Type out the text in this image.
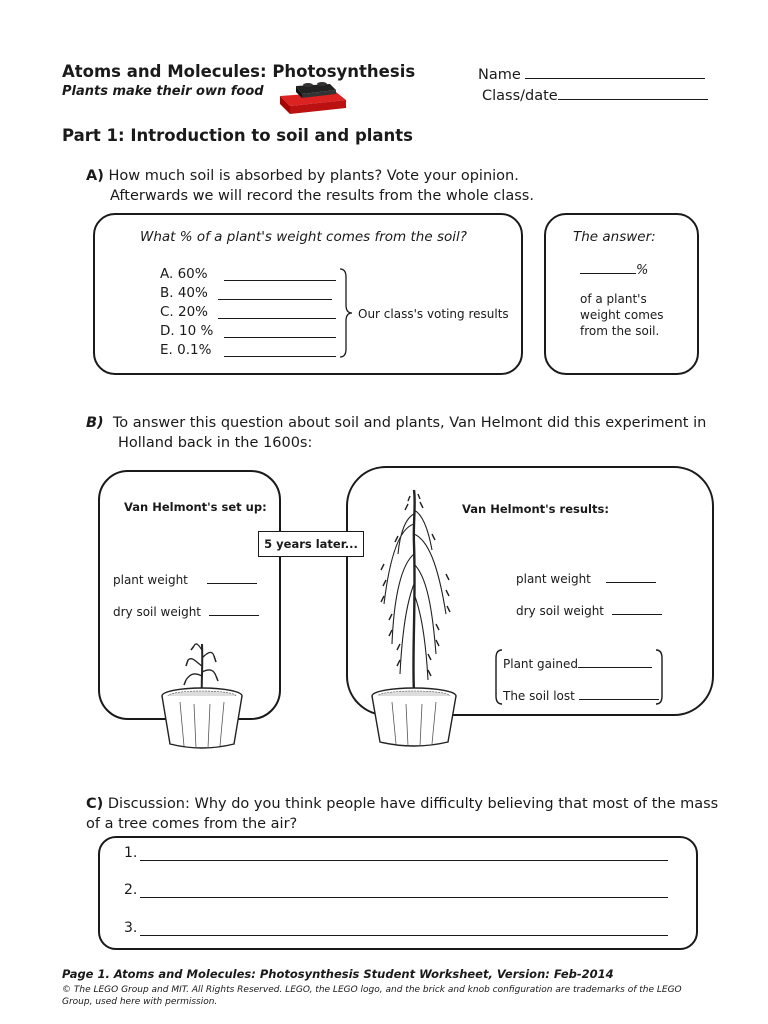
Atoms and Molecules: Photosynthesis
Plants make their own food
Name
Class/date
Part 1: Introduction to soil and plants
A) How much soil is absorbed by plants? Vote your opinion.
Afterwards we will record the results from the whole class.
What % of a plant's weight comes from the soil?
A. 60%
B. 40%
C. 20%
D. 10 %
E. 0.1%
Our class's voting results
The answer:
%
of a plant's
weight comes
from the soil.
B) To answer this question about soil and plants, Van Helmont did this experiment in
Holland back in the 1600s:
Van Helmont's set up:
plant weight
dry soil weight
5 years later...
Van Helmont's results:
plant weight
dry soil weight
Plant gained
The soil lost
C) Discussion: Why do you think people have difficulty believing that most of the mass
of a tree comes from the air?
1.
2.
3.
Page 1. Atoms and Molecules: Photosynthesis Student Worksheet, Version: Feb-2014
© The LEGO Group and MIT. All Rights Reserved. LEGO, the LEGO logo, and the brick and knob configuration are trademarks of the LEGO Group, used here with permission.
